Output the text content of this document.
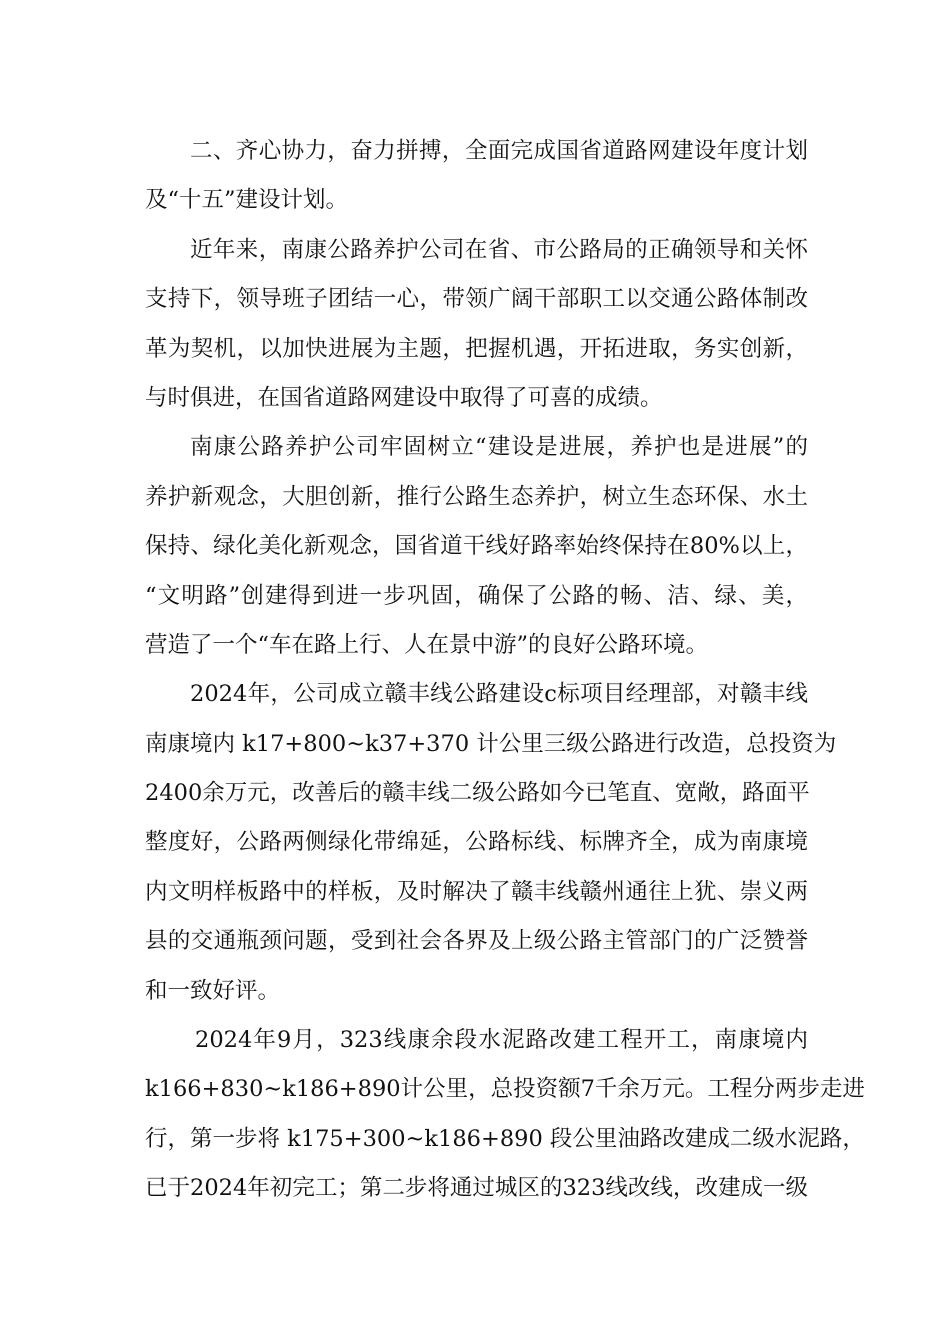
二、齐心协力，奋力拼搏，全面完成国省道路网建设年度计划
及“十五”建设计划。
近年来，南康公路养护公司在省、市公路局的正确领导和关怀
支持下，领导班子团结一心，带领广阔干部职工以交通公路体制改
革为契机，以加快进展为主题，把握机遇，开拓进取，务实创新，
与时俱进，在国省道路网建设中取得了可喜的成绩。
南康公路养护公司牢固树立“建设是进展，养护也是进展”的
养护新观念，大胆创新，推行公路生态养护，树立生态环保、水土
保持、绿化美化新观念，国省道干线好路率始终保持在80%以上，
“文明路”创建得到进一步巩固，确保了公路的畅、洁、绿、美，
营造了一个“车在路上行、人在景中游”的良好公路环境。
2024年，公司成立赣丰线公路建设c标项目经理部，对赣丰线
南康境内 k17+800~k37+370 计公里三级公路进行改造，总投资为
2400余万元，改善后的赣丰线二级公路如今已笔直、宽敞，路面平
整度好，公路两侧绿化带绵延，公路标线、标牌齐全，成为南康境
内文明样板路中的样板，及时解决了赣丰线赣州通往上犹、崇义两
县的交通瓶颈问题，受到社会各界及上级公路主管部门的广泛赞誉
和一致好评。
2024年9月，323线康余段水泥路改建工程开工，南康境内
k166+830~k186+890计公里，总投资额7千余万元。工程分两步走进
行，第一步将 k175+300~k186+890 段公里油路改建成二级水泥路，
已于2024年初完工；第二步将通过城区的323线改线，改建成一级
